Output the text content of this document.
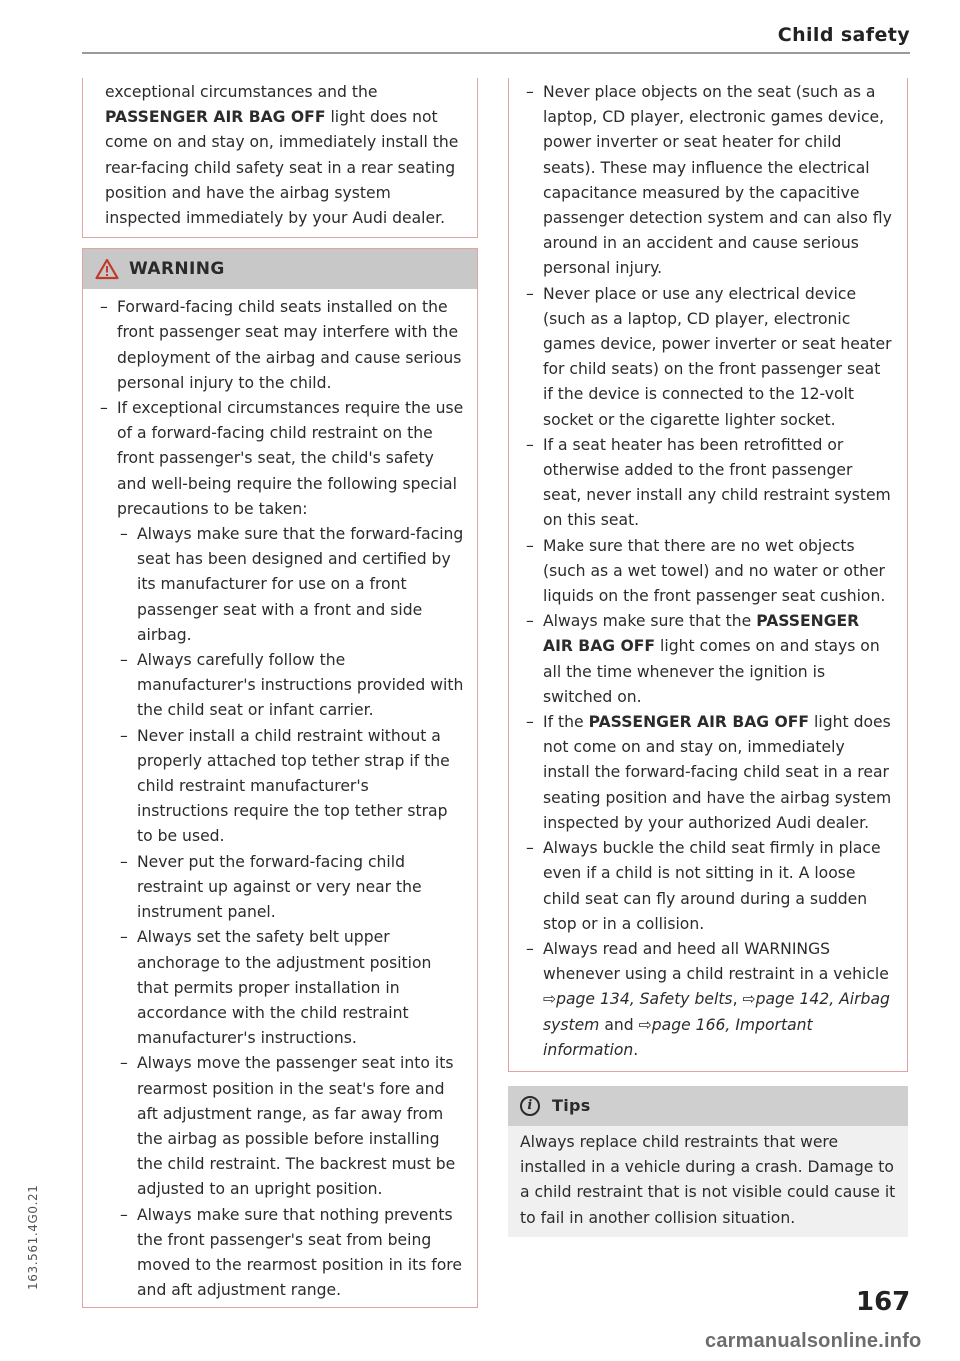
Child safety

exceptional circumstances and the
PASSENGER AIR BAG OFF light does not come on and stay on, immediately install the rear-facing child safety seat in a rear seating position and have the airbag system inspected immediately by your Audi dealer.

WARNING
– Forward-facing child seats installed on the front passenger seat may interfere with the deployment of the airbag and cause serious personal injury to the child.
– If exceptional circumstances require the use of a forward-facing child restraint on the front passenger's seat, the child's safety and well-being require the following special precautions to be taken:
– Always make sure that the forward-facing seat has been designed and certified by its manufacturer for use on a front passenger seat with a front and side airbag.
– Always carefully follow the manufacturer's instructions provided with the child seat or infant carrier.
– Never install a child restraint without a properly attached top tether strap if the child restraint manufacturer's instructions require the top tether strap to be used.
– Never put the forward-facing child restraint up against or very near the instrument panel.
– Always set the safety belt upper anchorage to the adjustment position that permits proper installation in accordance with the child restraint manufacturer's instructions.
– Always move the passenger seat into its rearmost position in the seat's fore and aft adjustment range, as far away from the airbag as possible before installing the child restraint. The backrest must be adjusted to an upright position.
– Always make sure that nothing prevents the front passenger's seat from being moved to the rearmost position in its fore and aft adjustment range.
– Never place objects on the seat (such as a laptop, CD player, electronic games device, power inverter or seat heater for child seats). These may influence the electrical capacitance measured by the capacitive passenger detection system and can also fly around in an accident and cause serious personal injury.
– Never place or use any electrical device (such as a laptop, CD player, electronic games device, power inverter or seat heater for child seats) on the front passenger seat if the device is connected to the 12-volt socket or the cigarette lighter socket.
– If a seat heater has been retrofitted or otherwise added to the front passenger seat, never install any child restraint system on this seat.
– Make sure that there are no wet objects (such as a wet towel) and no water or other liquids on the front passenger seat cushion.
– Always make sure that the PASSENGER AIR BAG OFF light comes on and stays on all the time whenever the ignition is switched on.
– If the PASSENGER AIR BAG OFF light does not come on and stay on, immediately install the forward-facing child seat in a rear seating position and have the airbag system inspected by your authorized Audi dealer.
– Always buckle the child seat firmly in place even if a child is not sitting in it. A loose child seat can fly around during a sudden stop or in a collision.
– Always read and heed all WARNINGS whenever using a child restraint in a vehicle ⇨page 134, Safety belts, ⇨page 142, Airbag system and ⇨page 166, Important information.
i	Tips

Always replace child restraints that were installed in a vehicle during a crash. Damage to a child restraint that is not visible could cause it to fail in another collision situation.

167
163.561.4G0.21
carmanualsonline.info
